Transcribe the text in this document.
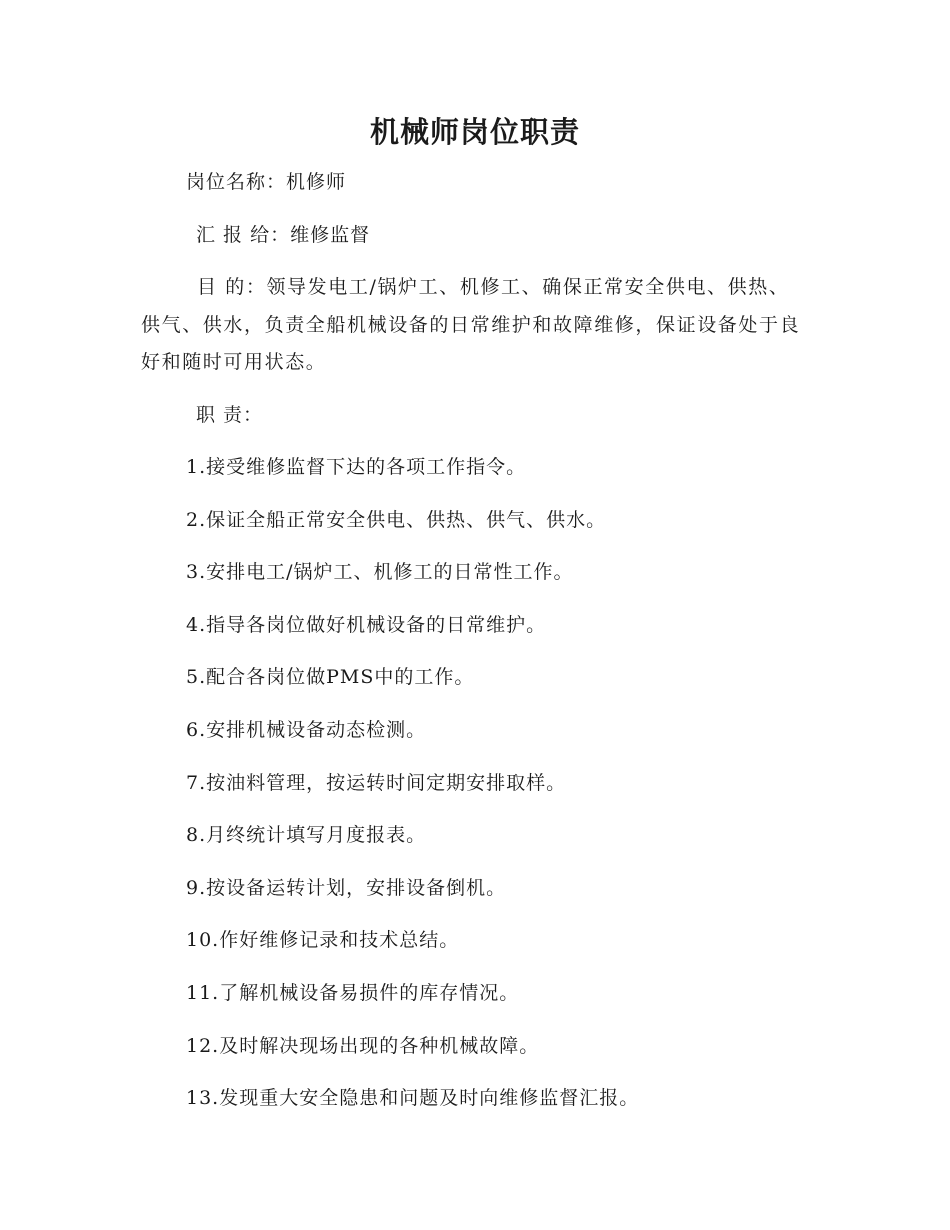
机械师岗位职责
岗位名称：机修师
汇 报 给：维修监督
目 的：领导发电工/锅炉工、机修工、确保正常安全供电、供热、供气、供水，负责全船机械设备的日常维护和故障维修，保证设备处于良好和随时可用状态。
职 责：
1.接受维修监督下达的各项工作指令。
2.保证全船正常安全供电、供热、供气、供水。
3.安排电工/锅炉工、机修工的日常性工作。
4.指导各岗位做好机械设备的日常维护。
5.配合各岗位做PMS中的工作。
6.安排机械设备动态检测。
7.按油料管理，按运转时间定期安排取样。
8.月终统计填写月度报表。
9.按设备运转计划，安排设备倒机。
10.作好维修记录和技术总结。
11.了解机械设备易损件的库存情况。
12.及时解决现场出现的各种机械故障。
13.发现重大安全隐患和问题及时向维修监督汇报。
